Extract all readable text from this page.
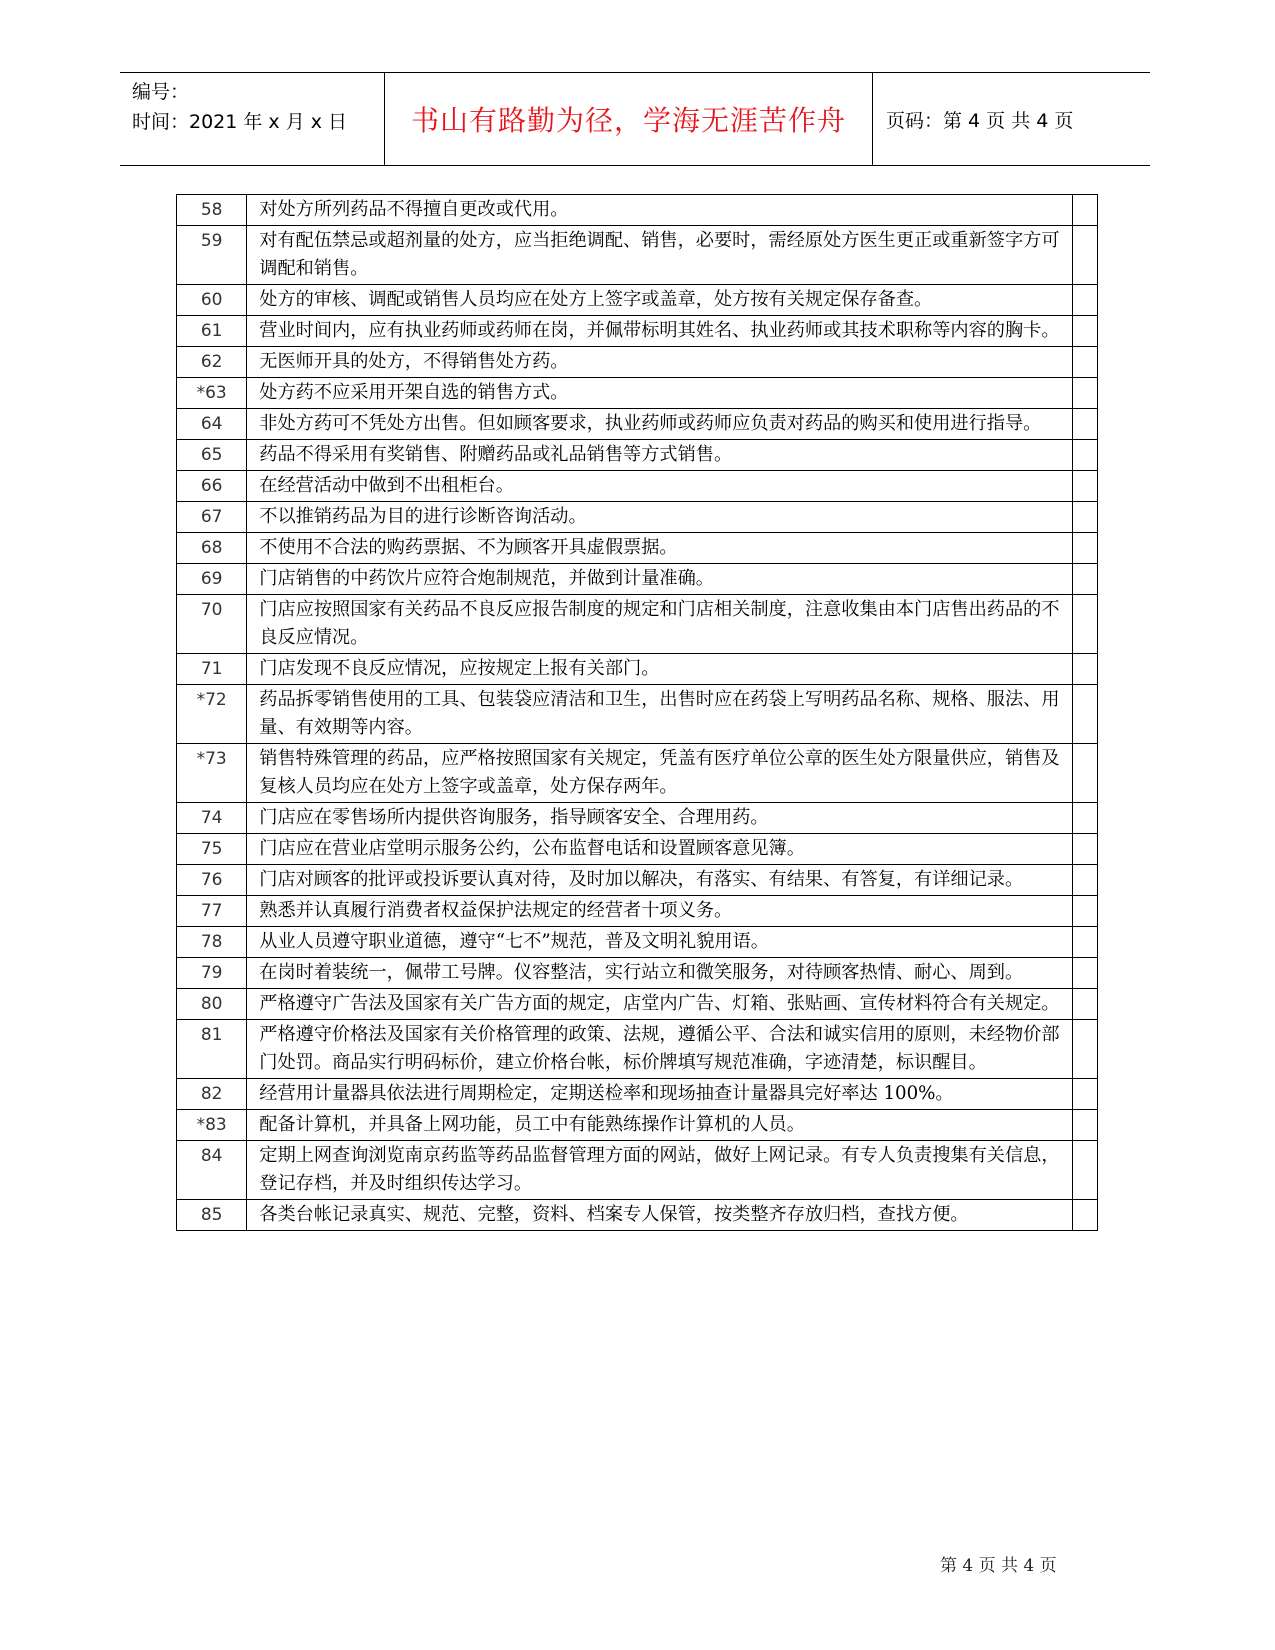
编号：
时间：2021 年 x 月 x 日	书山有路勤为径，学海无涯苦作舟	页码：第 4 页 共 4 页
58	对处方所列药品不得擅自更改或代用。	
59	对有配伍禁忌或超剂量的处方，应当拒绝调配、销售，必要时，需经原处方医生更正或重新签字方可调配和销售。	
60	处方的审核、调配或销售人员均应在处方上签字或盖章，处方按有关规定保存备查。	
61	营业时间内，应有执业药师或药师在岗，并佩带标明其姓名、执业药师或其技术职称等内容的胸卡。	
62	无医师开具的处方，不得销售处方药。	
*63	处方药不应采用开架自选的销售方式。	
64	非处方药可不凭处方出售。但如顾客要求，执业药师或药师应负责对药品的购买和使用进行指导。	
65	药品不得采用有奖销售、附赠药品或礼品销售等方式销售。	
66	在经营活动中做到不出租柜台。	
67	不以推销药品为目的进行诊断咨询活动。	
68	不使用不合法的购药票据、不为顾客开具虚假票据。	
69	门店销售的中药饮片应符合炮制规范，并做到计量准确。	
70	门店应按照国家有关药品不良反应报告制度的规定和门店相关制度，注意收集由本门店售出药品的不良反应情况。	
71	门店发现不良反应情况，应按规定上报有关部门。	
*72	药品拆零销售使用的工具、包装袋应清洁和卫生，出售时应在药袋上写明药品名称、规格、服法、用量、有效期等内容。	
*73	销售特殊管理的药品，应严格按照国家有关规定，凭盖有医疗单位公章的医生处方限量供应，销售及复核人员均应在处方上签字或盖章，处方保存两年。	
74	门店应在零售场所内提供咨询服务，指导顾客安全、合理用药。	
75	门店应在营业店堂明示服务公约，公布监督电话和设置顾客意见簿。	
76	门店对顾客的批评或投诉要认真对待，及时加以解决，有落实、有结果、有答复，有详细记录。	
77	熟悉并认真履行消费者权益保护法规定的经营者十项义务。	
78	从业人员遵守职业道德，遵守“七不”规范，普及文明礼貌用语。	
79	在岗时着装统一，佩带工号牌。仪容整洁，实行站立和微笑服务，对待顾客热情、耐心、周到。	
80	严格遵守广告法及国家有关广告方面的规定，店堂内广告、灯箱、张贴画、宣传材料符合有关规定。	
81	严格遵守价格法及国家有关价格管理的政策、法规，遵循公平、合法和诚实信用的原则，未经物价部门处罚。商品实行明码标价，建立价格台帐，标价牌填写规范准确，字迹清楚，标识醒目。	
82	经营用计量器具依法进行周期检定，定期送检率和现场抽查计量器具完好率达 100%。	
*83	配备计算机，并具备上网功能，员工中有能熟练操作计算机的人员。	
84	定期上网查询浏览南京药监等药品监督管理方面的网站，做好上网记录。有专人负责搜集有关信息，登记存档，并及时组织传达学习。	
85	各类台帐记录真实、规范、完整，资料、档案专人保管，按类整齐存放归档，查找方便。	
第 4 页 共 4 页
